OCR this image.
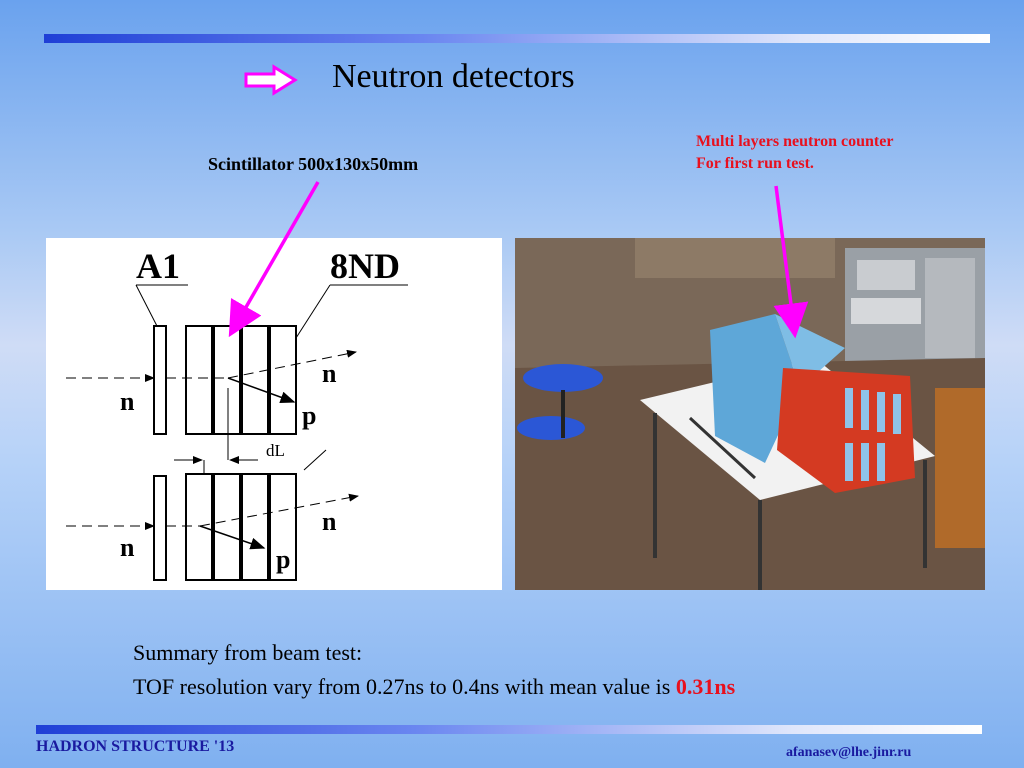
Neutron detectors
Scintillator 500x130x50mm
Multi layers neutron counter
For first run test.
A1	8ND
n
n
p
dL
n
n
p
Summary from beam test:
TOF resolution vary from 0.27ns to 0.4ns with mean value is 0.31ns
HADRON STRUCTURE '13	afanasev@lhe.jinr.ru
